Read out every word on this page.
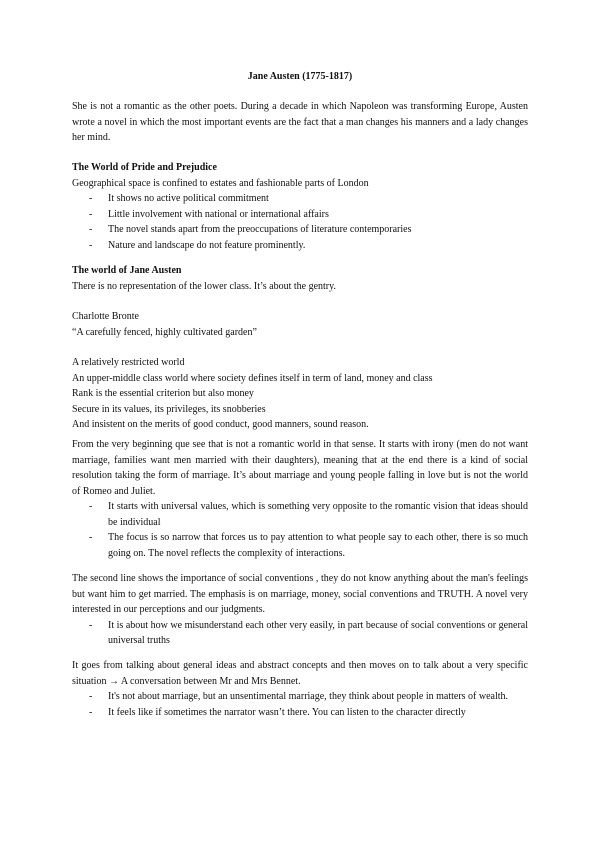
Jane Austen (1775-1817)
She is not a romantic as the other poets. During a decade in which Napoleon was transforming Europe, Austen wrote a novel in which the most important events are the fact that a man changes his manners and a lady changes her mind.
The World of Pride and Prejudice
Geographical space is confined to estates and fashionable parts of London
- It shows no active political commitment
- Little involvement with national or international affairs
- The novel stands apart from the preoccupations of literature contemporaries
- Nature and landscape do not feature prominently.
The world of Jane Austen
There is no representation of the lower class. It’s about the gentry.
Charlotte Bronte
“A carefully fenced, highly cultivated garden”
A relatively restricted world
An upper-middle class world where society defines itself in term of land, money and class
Rank is the essential criterion but also money
Secure in its values, its privileges, its snobberies
And insistent on the merits of good conduct, good manners, sound reason.
From the very beginning que see that is not a romantic world in that sense. It starts with irony (men do not want marriage, families want men married with their daughters), meaning that at the end there is a kind of social resolution taking the form of marriage. It’s about marriage and young people falling in love but is not the world of Romeo and Juliet.
- It starts with universal values, which is something very opposite to the romantic vision that ideas should be individual
- The focus is so narrow that forces us to pay attention to what people say to each other, there is so much going on. The novel reflects the complexity of interactions.
The second line shows the importance of social conventions , they do not know anything about the man's feelings but want him to get married. The emphasis is on marriage, money, social conventions and TRUTH. A novel very interested in our perceptions and our judgments.
- It is about how we misunderstand each other very easily, in part because of social conventions or general universal truths
It goes from talking about general ideas and abstract concepts and then moves on to talk about a very specific situation → A conversation between Mr and Mrs Bennet.
- It's not about marriage, but an unsentimental marriage, they think about people in matters of wealth.
- It feels like if sometimes the narrator wasn’t there. You can listen to the character directly
